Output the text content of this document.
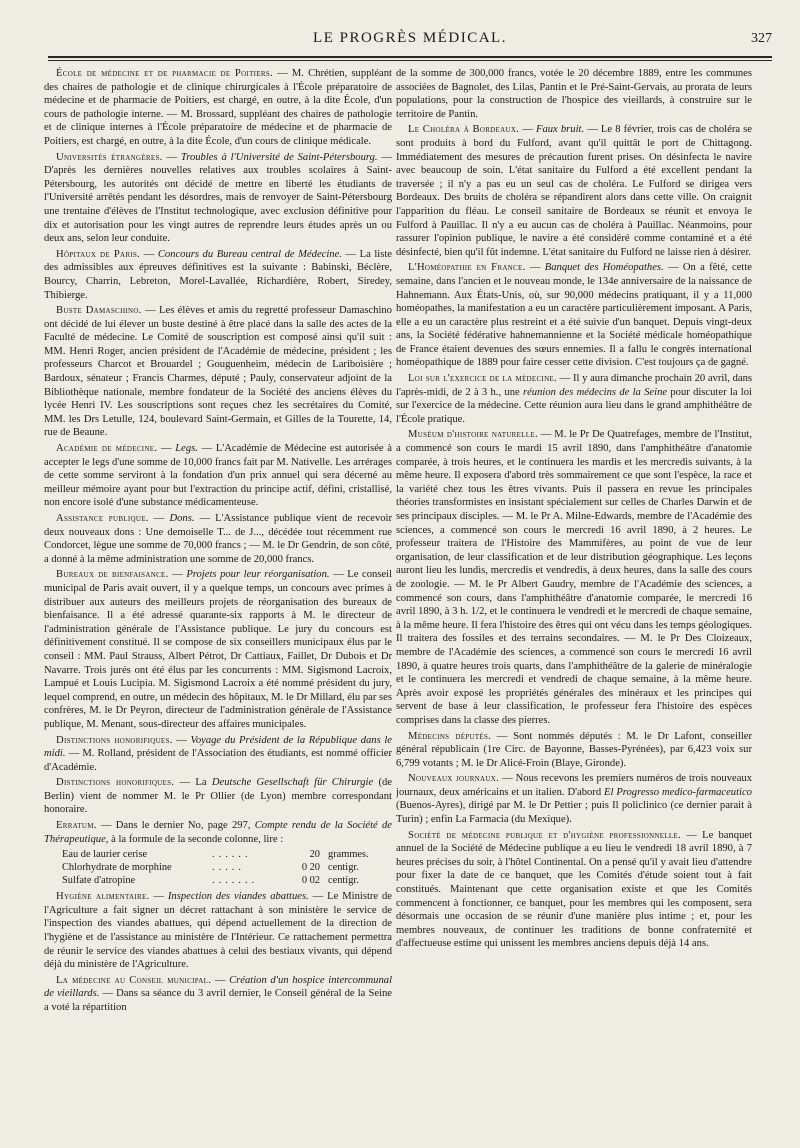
LE PROGRÈS MÉDICAL.	327

École de médecine et de pharmacie de Poitiers. — M. Chrétien, suppléant des chaires de pathologie et de clinique chirurgicales à l'École préparatoire de médecine et de pharmacie de Poitiers, est chargé, en outre, à la dite École, d'un cours de pathologie interne. — M. Brossard, suppléant des chaires de pathologie et de clinique internes à l'École préparatoire de médecine et de pharmacie de Poitiers, est chargé, en outre, à la dite École, d'un cours de clinique médicale.

Universités étrangères. — Troubles à l'Université de Saint-Pétersbourg. — D'après les dernières nouvelles relatives aux troubles scolaires à Saint-Pétersbourg, les autorités ont décidé de mettre en liberté les étudiants de l'Université arrêtés pendant les désordres, mais de renvoyer de Saint-Pétersbourg une trentaine d'élèves de l'Institut technologique, avec exclusion définitive pour dix et autorisation pour les vingt autres de reprendre leurs études après un ou deux ans, selon leur conduite.

Hôpitaux de Paris. — Concours du Bureau central de Médecine. — La liste des admissibles aux épreuves définitives est la suivante : Babinski, Béclère, Bourcy, Charrin, Lebreton, Morel-Lavallée, Richardière, Robert, Siredey, Thibierge.

Buste Damaschino. — Les élèves et amis du regretté professeur Damaschino ont décidé de lui élever un buste destiné à être placé dans la salle des actes de la Faculté de médecine. Le Comité de souscription est composé ainsi qu'il suit : MM. Henri Roger, ancien président de l'Académie de médecine, président ; les professeurs Charcot et Brouardel ; Gouguenheim, médecin de Lariboisière ; Bardoux, sénateur ; Francis Charmes, député ; Pauly, conservateur adjoint de la Bibliothèque nationale, membre fondateur de la Société des anciens élèves du lycée Henri IV. Les souscriptions sont reçues chez les secrétaires du Comité, MM. les Drs Letulle, 124, boulevard Saint-Germain, et Gilles de la Tourette, 14, rue de Beaune.

Académie de médecine. — Legs. — L'Académie de Médecine est autorisée à accepter le legs d'une somme de 10,000 francs fait par M. Nativelle. Les arrérages de cette somme serviront à la fondation d'un prix annuel qui sera décerné au meilleur mémoire ayant pour but l'extraction du principe actif, défini, cristallisé, non encore isolé d'une substance médicamenteuse.

Assistance publique. — Dons. — L'Assistance publique vient de recevoir deux nouveaux dons : Une demoiselle T... de J..., décédée tout récemment rue Condorcet, lègue une somme de 70,000 francs ; — M. le Dr Gendrin, de son côté, a donné à la même administration une somme de 20,000 francs.

Bureaux de bienfaisance. — Projets pour leur réorganisation. — Le conseil municipal de Paris avait ouvert, il y a quelque temps, un concours avec primes à distribuer aux auteurs des meilleurs projets de réorganisation des bureaux de bienfaisance. Il a été adressé quarante-six rapports à M. le directeur de l'administration générale de l'Assistance publique. Le jury du concours est définitivement constitué. Il se compose de six conseillers municipaux élus par le conseil : MM. Paul Strauss, Albert Pétrot, Dr Cattiaux, Faillet, Dr Dubois et Dr Navarre. Trois jurés ont été élus par les concurrents : MM. Sigismond Lacroix, Lampué et Louis Lucipia. M. Sigismond Lacroix a été nommé président du jury, lequel comprend, en outre, un médecin des hôpitaux, M. le Dr Millard, élu par ses confrères, M. le Dr Peyron, directeur de l'administration générale de l'Assistance publique, M. Menant, sous-directeur des affaires municipales.

Distinctions honorifiques. — Voyage du Président de la République dans le midi. — M. Rolland, président de l'Association des étudiants, est nommé officier d'Académie.

Distinctions honorifiques. — La Deutsche Gesellschaft für Chirurgie (de Berlin) vient de nommer M. le Pr Ollier (de Lyon) membre correspondant honoraire.

Erratum. — Dans le dernier No, page 297, Compte rendu de la Société de Thérapeutique, à la formule de la seconde colonne, lire :

Eau de laurier cerise	......	20 grammes.
Chlorhydrate de morphine	.....	0 20 centigr.
Sulfate d'atropine	.......	0 02 centigr.

Hygiène alimentaire. — Inspection des viandes abattues. — Le Ministre de l'Agriculture a fait signer un décret rattachant à son ministère le service de l'inspection des viandes abattues, qui dépend actuellement de la direction de l'hygiène et de l'assistance au ministère de l'Intérieur. Ce rattachement permettra de réunir le service des viandes abattues à celui des bestiaux vivants, qui dépend déjà du ministère de l'Agriculture.

La médecine au Conseil municipal. — Création d'un hospice intercommunal de vieillards. — Dans sa séance du 3 avril dernier, le Conseil général de la Seine a voté la répartition

de la somme de 300,000 francs, votée le 20 décembre 1889, entre les communes associées de Bagnolet, des Lilas, Pantin et le Pré-Saint-Gervais, au prorata de leurs populations, pour la construction de l'hospice des vieillards, à construire sur le territoire de Pantin.

Le Choléra à Bordeaux. — Faux bruit. — Le 8 février, trois cas de choléra se sont produits à bord du Fulford, avant qu'il quittât le port de Chittagong. Immédiatement des mesures de précaution furent prises. On désinfecta le navire avec beaucoup de soin. L'état sanitaire du Fulford a été excellent pendant la traversée ; il n'y a pas eu un seul cas de choléra. Le Fulford se dirigea vers Bordeaux. Des bruits de choléra se répandirent alors dans cette ville. On craignit l'apparition du fléau. Le conseil sanitaire de Bordeaux se réunit et envoya le Fulford à Pauillac. Il n'y a eu aucun cas de choléra à Pauillac. Néanmoins, pour rassurer l'opinion publique, le navire a été considéré comme contaminé et a été désinfecté, bien qu'il fût indemne. L'état sanitaire du Fulford ne laisse rien à désirer.

L'Homéopathie en France. — Banquet des Homéopathes. — On a fêté, cette semaine, dans l'ancien et le nouveau monde, le 134e anniversaire de la naissance de Hahnemann. Aux États-Unis, où, sur 90,000 médecins pratiquant, il y a 11,000 homéopathes, la manifestation a eu un caractère particulièrement imposant. A Paris, elle a eu un caractère plus restreint et a été suivie d'un banquet. Depuis vingt-deux ans, la Société fédérative hahnemannienne et la Société médicale homéopathique de France étaient devenues des sœurs ennemies. Il a fallu le congrès international homéopathique de 1889 pour faire cesser cette division. C'est toujours ça de gagné.

Loi sur l'exercice de la médecine. — Il y aura dimanche prochain 20 avril, dans l'après-midi, de 2 à 3 h., une réunion des médecins de la Seine pour discuter la loi sur l'exercice de la médecine. Cette réunion aura lieu dans le grand amphithéâtre de l'École pratique.

Muséum d'histoire naturelle. — M. le Pr De Quatrefages, membre de l'Institut, a commencé son cours le mardi 15 avril 1890, dans l'amphithéâtre d'anatomie comparée, à trois heures, et le continuera les mardis et les mercredis suivants, à la même heure. Il exposera d'abord très sommairement ce que sont l'espèce, la race et la variété chez tous les êtres vivants. Puis il passera en revue les principales théories transformistes en insistant spécialement sur celles de Charles Darwin et de ses principaux disciples. — M. le Pr A. Milne-Edwards, membre de l'Académie des sciences, a commencé son cours le mercredi 16 avril 1890, à 2 heures. Le professeur traitera de l'Histoire des Mammifères, au point de vue de leur organisation, de leur classification et de leur distribution géographique. Les leçons auront lieu les lundis, mercredis et vendredis, à deux heures, dans la salle des cours de zoologie. — M. le Pr Albert Gaudry, membre de l'Académie des sciences, a commencé son cours, dans l'amphithéâtre d'anatomie comparée, le mercredi 16 avril 1890, à 3 h. 1/2, et le continuera le vendredi et le mercredi de chaque semaine, à la même heure. Il fera l'histoire des êtres qui ont vécu dans les temps géologiques. Il traitera des fossiles et des terrains secondaires. — M. le Pr Des Cloizeaux, membre de l'Académie des sciences, a commencé son cours le mercredi 16 avril 1890, à quatre heures trois quarts, dans l'amphithéâtre de la galerie de minéralogie et le continuera les mercredi et vendredi de chaque semaine, à la même heure. Après avoir exposé les propriétés générales des minéraux et les principes qui servent de base à leur classification, le professeur fera l'histoire des espèces comprises dans la classe des pierres.

Médecins députés. — Sont nommés députés : M. le Dr Lafont, conseiller général républicain (1re Circ. de Bayonne, Basses-Pyrénées), par 6,423 voix sur 6,799 votants ; M. le Dr Alicé-Froin (Blaye, Gironde).

Nouveaux journaux. — Nous recevons les premiers numéros de trois nouveaux journaux, deux américains et un italien. D'abord El Progresso medico-farmaceutico (Buenos-Ayres), dirigé par M. le Dr Pettier ; puis Il policlinico (ce dernier parait à Turin) ; enfin La Farmacia (du Mexique).

Société de médecine publique et d'hygiène professionnelle. — Le banquet annuel de la Société de Médecine publique a eu lieu le vendredi 18 avril 1890, à 7 heures précises du soir, à l'hôtel Continental. On a pensé qu'il y avait lieu d'attendre pour fixer la date de ce banquet, que les Comités d'étude soient tout à fait constitués. Maintenant que cette organisation existe et que les Comités commencent à fonctionner, ce banquet, pour les membres qui les composent, sera désormais une occasion de se réunir d'une manière plus intime ; et, pour les membres nouveaux, de continuer les traditions de bonne confraternité et d'affectueuse estime qui unissent les membres anciens depuis déjà 14 ans.
